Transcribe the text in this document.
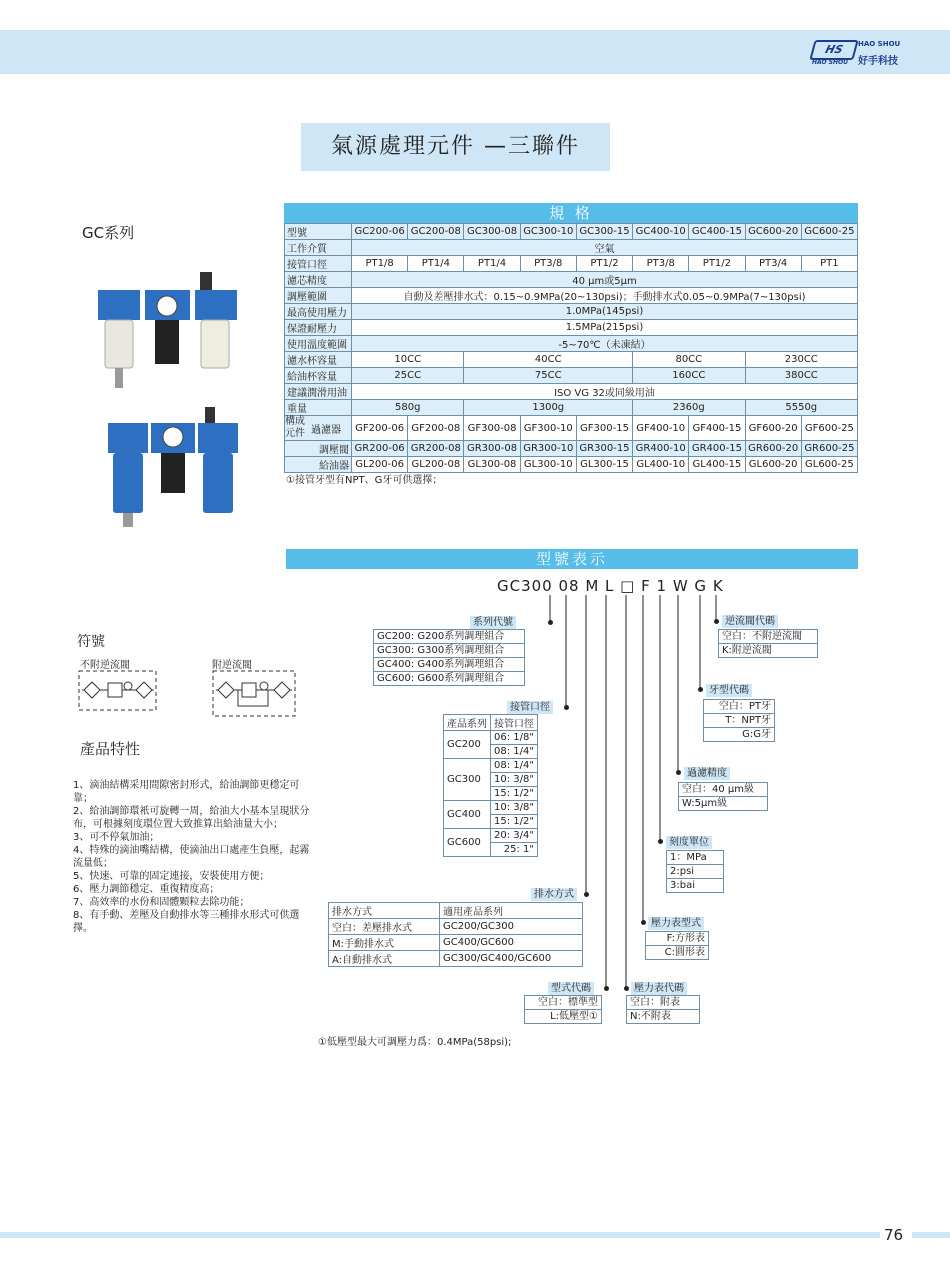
HS	HAO SHOU
HAO SHOU 好手科技
氣源處理元件 —三聯件
GC系列
規 格
型號	GC200-06	GC200-08	GC300-08	GC300-10	GC300-15	GC400-10	GC400-15	GC600-20	GC600-25
工作介質	空氣								
接管口徑	PT1/8	PT1/4	PT1/4	PT3/8	PT1/2	PT3/8	PT1/2	PT3/4	PT1
濾芯精度	40 μm或5μm								
調壓範圍	自動及差壓排水式：0.15~0.9MPa(20~130psi)；手動排水式0.05~0.9MPa(7~130psi)								
最高使用壓力	1.0MPa(145psi)								
保證耐壓力	1.5MPa(215psi)								
使用溫度範圍	-5~70℃（未凍結）								
濾水杯容量	10CC		40CC			80CC		230CC	
給油杯容量	25CC		75CC			160CC		380CC	
建議潤滑用油	ISO VG 32或同級用油								
重量	580g		1300g			2360g		5550g	
構成元件 過濾器	GF200-06	GF200-08	GF300-08	GF300-10	GF300-15	GF400-10	GF400-15	GF600-20	GF600-25
調壓閥	GR200-06	GR200-08	GR300-08	GR300-10	GR300-15	GR400-10	GR400-15	GR600-20	GR600-25
給油器	GL200-06	GL200-08	GL300-08	GL300-10	GL300-15	GL400-10	GL400-15	GL600-20	GL600-25
①接管牙型有NPT、G牙可供選擇；
符號
不附逆流閥	附逆流閥
產品特性
1、滴油結構采用間隙密封形式，給油調節更穩定可靠；
2、給油調節環衹可旋轉一周，給油大小基本呈現狀分布，可根據刻度環位置大致推算出給油量大小；
3、可不停氣加油；
4、特殊的滴油嘴結構，使滴油出口處產生負壓，起霧流量低；
5、快速、可靠的固定連接，安裝使用方便；
6、壓力調節穩定、重復精度高；
7、高效率的水份和固體顆粒去除功能；
8、有手動、差壓及自動排水等三種排水形式可供選擇。
型號表示
GC300 08 M L □ F 1 W G K
系列代號
GC200: G200系列調理組合
GC300: G300系列調理組合
GC400: G400系列調理組合
GC600: G600系列調理組合
接管口徑
產品系列	接管口徑
GC200	06: 1/8"
	08: 1/4"
GC300	08: 1/4"
	10: 3/8"
	15: 1/2"
GC400	10: 3/8"
	15: 1/2"
GC600	20: 3/4"
	25: 1"
排水方式
排水方式	適用產品系列
空白：差壓排水式	GC200/GC300
M:手動排水式	GC400/GC600
A:自動排水式	GC300/GC400/GC600
型式代碼
空白：標準型
L:低壓型①
壓力表代碼
空白：附表
N:不附表
壓力表型式
F:方形表
C:圓形表
刻度單位
1：MPa
2:psi
3:bai
過濾精度
空白：40 μm級
W:5μm級
牙型代碼
空白：PT牙
T：NPT牙
G:G牙
逆流閥代碼
空白：不附逆流閥
K:附逆流閥
①低壓型最大可調壓力爲：0.4MPa(58psi);
76
